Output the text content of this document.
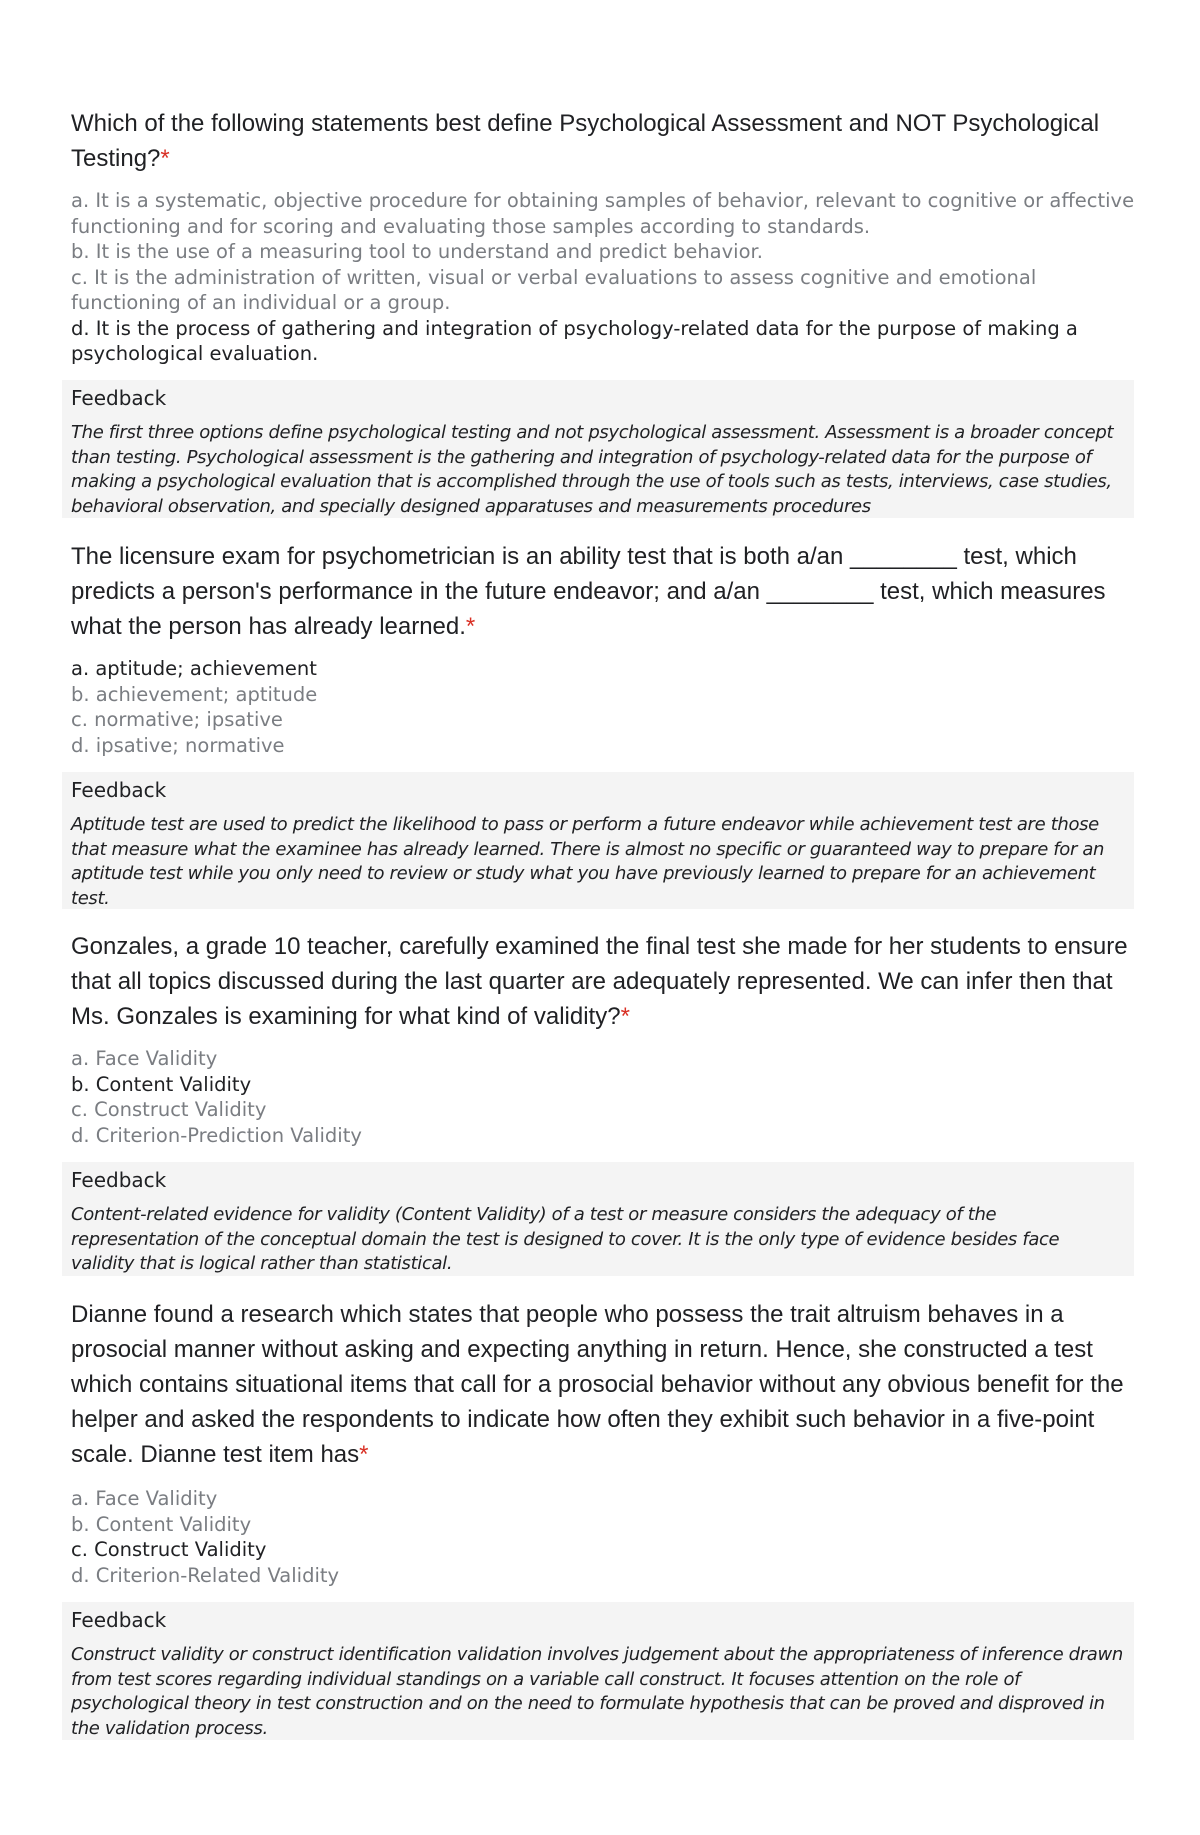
Which of the following statements best define Psychological Assessment and NOT Psychological Testing?*

a. It is a systematic, objective procedure for obtaining samples of behavior, relevant to cognitive or affective functioning and for scoring and evaluating those samples according to standards.

b. It is the use of a measuring tool to understand and predict behavior.

c. It is the administration of written, visual or verbal evaluations to assess cognitive and emotional functioning of an individual or a group.

d. It is the process of gathering and integration of psychology-related data for the purpose of making a psychological evaluation.

Feedback
The first three options define psychological testing and not psychological assessment. Assessment is a broader concept than testing. Psychological assessment is the gathering and integration of psychology-related data for the purpose of making a psychological evaluation that is accomplished through the use of tools such as tests, interviews, case studies, behavioral observation, and specially designed apparatuses and measurements procedures
The licensure exam for psychometrician is an ability test that is both a/an ________ test, which predicts a person's performance in the future endeavor; and a/an ________ test, which measures what the person has already learned.*

a. aptitude; achievement

b. achievement; aptitude

c. normative; ipsative

d. ipsative; normative

Feedback
Aptitude test are used to predict the likelihood to pass or perform a future endeavor while achievement test are those that measure what the examinee has already learned. There is almost no specific or guaranteed way to prepare for an aptitude test while you only need to review or study what you have previously learned to prepare for an achievement test.
Gonzales, a grade 10 teacher, carefully examined the final test she made for her students to ensure that all topics discussed during the last quarter are adequately represented. We can infer then that Ms. Gonzales is examining for what kind of validity?*

a. Face Validity

b. Content Validity

c. Construct Validity

d. Criterion-Prediction Validity

Feedback
Content-related evidence for validity (Content Validity) of a test or measure considers the adequacy of the representation of the conceptual domain the test is designed to cover. It is the only type of evidence besides face validity that is logical rather than statistical.
Dianne found a research which states that people who possess the trait altruism behaves in a prosocial manner without asking and expecting anything in return. Hence, she constructed a test which contains situational items that call for a prosocial behavior without any obvious benefit for the helper and asked the respondents to indicate how often they exhibit such behavior in a five-point scale. Dianne test item has*

a. Face Validity

b. Content Validity

c. Construct Validity

d. Criterion-Related Validity

Feedback
Construct validity or construct identification validation involves judgement about the appropriateness of inference drawn from test scores regarding individual standings on a variable call construct. It focuses attention on the role of psychological theory in test construction and on the need to formulate hypothesis that can be proved and disproved in the validation process.
